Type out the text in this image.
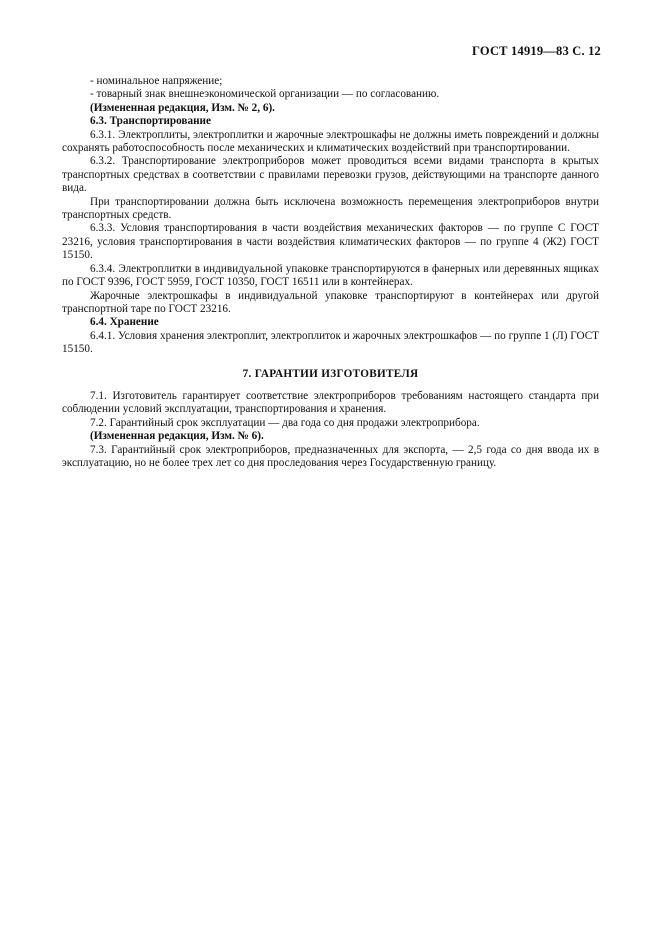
ГОСТ 14919—83 С. 12

- номинальное напряжение;

- товарный знак внешнеэкономической организации — по согласованию.

(Измененная редакция, Изм. № 2, 6).

6.3. Транспортирование

6.3.1. Электроплиты, электроплитки и жарочные электрошкафы не должны иметь повреждений и должны сохранять работоспособность после механических и климатических воздействий при транспортировании.

6.3.2. Транспортирование электроприборов может проводиться всеми видами транспорта в крытых транспортных средствах в соответствии с правилами перевозки грузов, действующими на транспорте данного вида.

При транспортировании должна быть исключена возможность перемещения электроприборов внутри транспортных средств.

6.3.3. Условия транспортирования в части воздействия механических факторов — по группе С ГОСТ 23216, условия транспортирования в части воздействия климатических факторов — по группе 4 (Ж2) ГОСТ 15150.

6.3.4. Электроплитки в индивидуальной упаковке транспортируются в фанерных или деревянных ящиках по ГОСТ 9396, ГОСТ 5959, ГОСТ 10350, ГОСТ 16511 или в контейнерах.

Жарочные электрошкафы в индивидуальной упаковке транспортируют в контейнерах или другой транспортной таре по ГОСТ 23216.

6.4. Хранение

6.4.1. Условия хранения электроплит, электроплиток и жарочных электрошкафов — по группе 1 (Л) ГОСТ 15150.

7. ГАРАНТИИ ИЗГОТОВИТЕЛЯ

7.1. Изготовитель гарантирует соответствие электроприборов требованиям настоящего стандарта при соблюдении условий эксплуатации, транспортирования и хранения.

7.2. Гарантийный срок эксплуатации — два года со дня продажи электроприбора.

(Измененная редакция, Изм. № 6).

7.3. Гарантийный срок электроприборов, предназначенных для экспорта, — 2,5 года со дня ввода их в эксплуатацию, но не более трех лет со дня проследования через Государственную границу.
